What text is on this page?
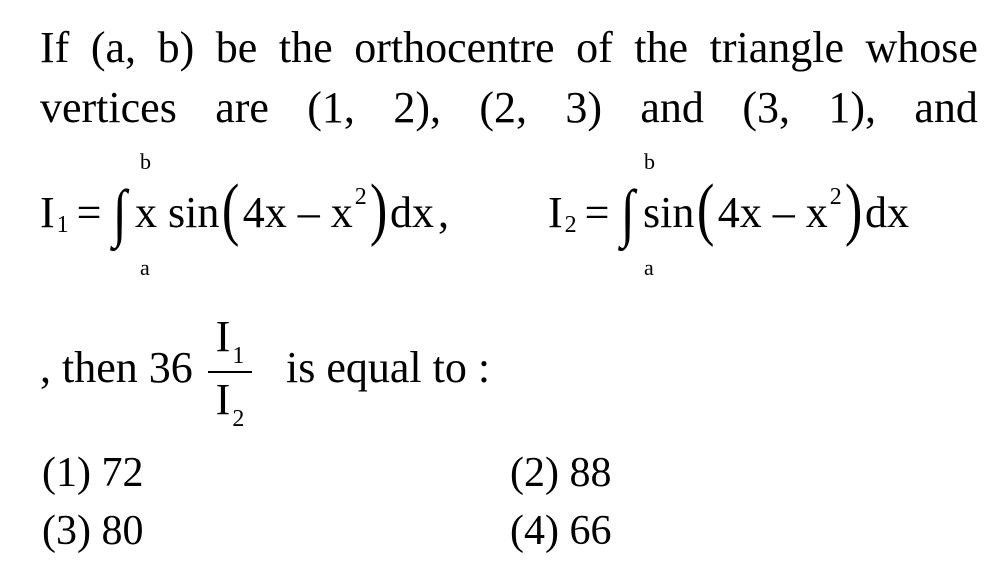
If (a, b) be the orthocentre of the triangle whose
vertices are (1, 2), (2, 3) and (3, 1), and
b
a
I 1 = ∫ x sin ( 4x – x 2 ) dx ,
b
a
I 2 = ∫ sin ( 4x – x 2 ) dx
, then 36
$I_1$
$I_2$
is equal to :
(1) 72	(2) 88
(3) 80	(4) 66
